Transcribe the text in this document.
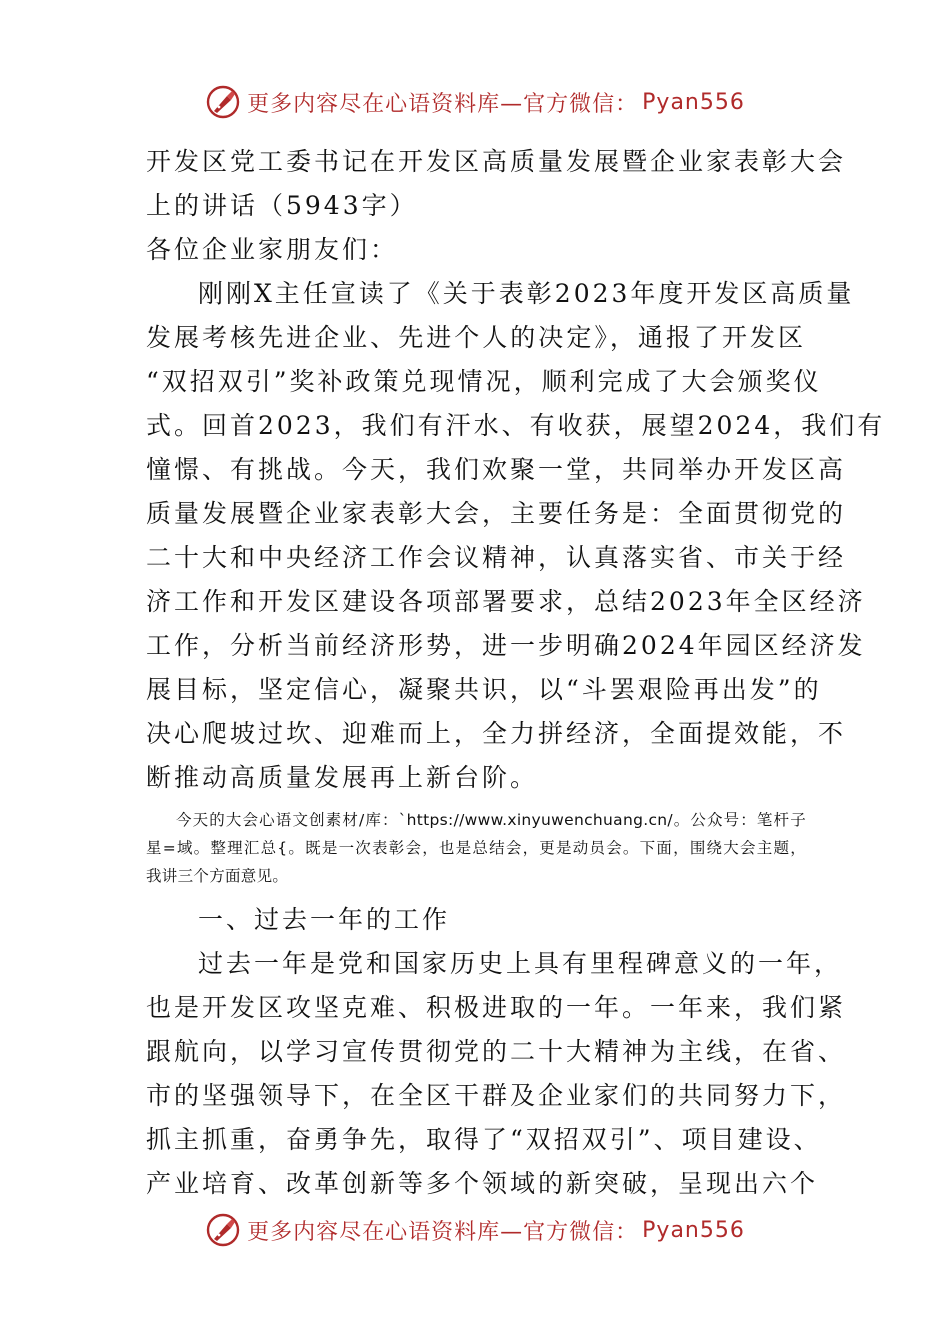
更多内容尽在心语资料库—官方微信： Pyan556

开发区党工委书记在开发区高质量发展暨企业家表彰大会

上的讲话（5943字）

各位企业家朋友们：

刚刚X主任宣读了《关于表彰2023年度开发区高质量

发展考核先进企业、先进个人的决定》，通报了开发区

“双招双引”奖补政策兑现情况，顺利完成了大会颁奖仪

式。回首2023，我们有汗水、有收获，展望2024，我们有

憧憬、有挑战。今天，我们欢聚一堂，共同举办开发区高

质量发展暨企业家表彰大会，主要任务是：全面贯彻党的

二十大和中央经济工作会议精神，认真落实省、市关于经

济工作和开发区建设各项部署要求，总结2023年全区经济

工作，分析当前经济形势，进一步明确2024年园区经济发

展目标，坚定信心，凝聚共识，以“斗罢艰险再出发”的

决心爬坡过坎、迎难而上，全力拼经济，全面提效能，不

断推动高质量发展再上新台阶。

今天的大会心语文创素材/库：`https://www.xinyuwenchuang.cn/。公众号：笔杆子

星=域。整理汇总{。既是一次表彰会，也是总结会，更是动员会。下面，围绕大会主题，

我讲三个方面意见。

一、过去一年的工作

过去一年是党和国家历史上具有里程碑意义的一年，

也是开发区攻坚克难、积极进取的一年。一年来，我们紧

跟航向，以学习宣传贯彻党的二十大精神为主线，在省、

市的坚强领导下，在全区干群及企业家们的共同努力下，

抓主抓重，奋勇争先，取得了“双招双引”、项目建设、

产业培育、改革创新等多个领域的新突破，呈现出六个

更多内容尽在心语资料库—官方微信： Pyan556
